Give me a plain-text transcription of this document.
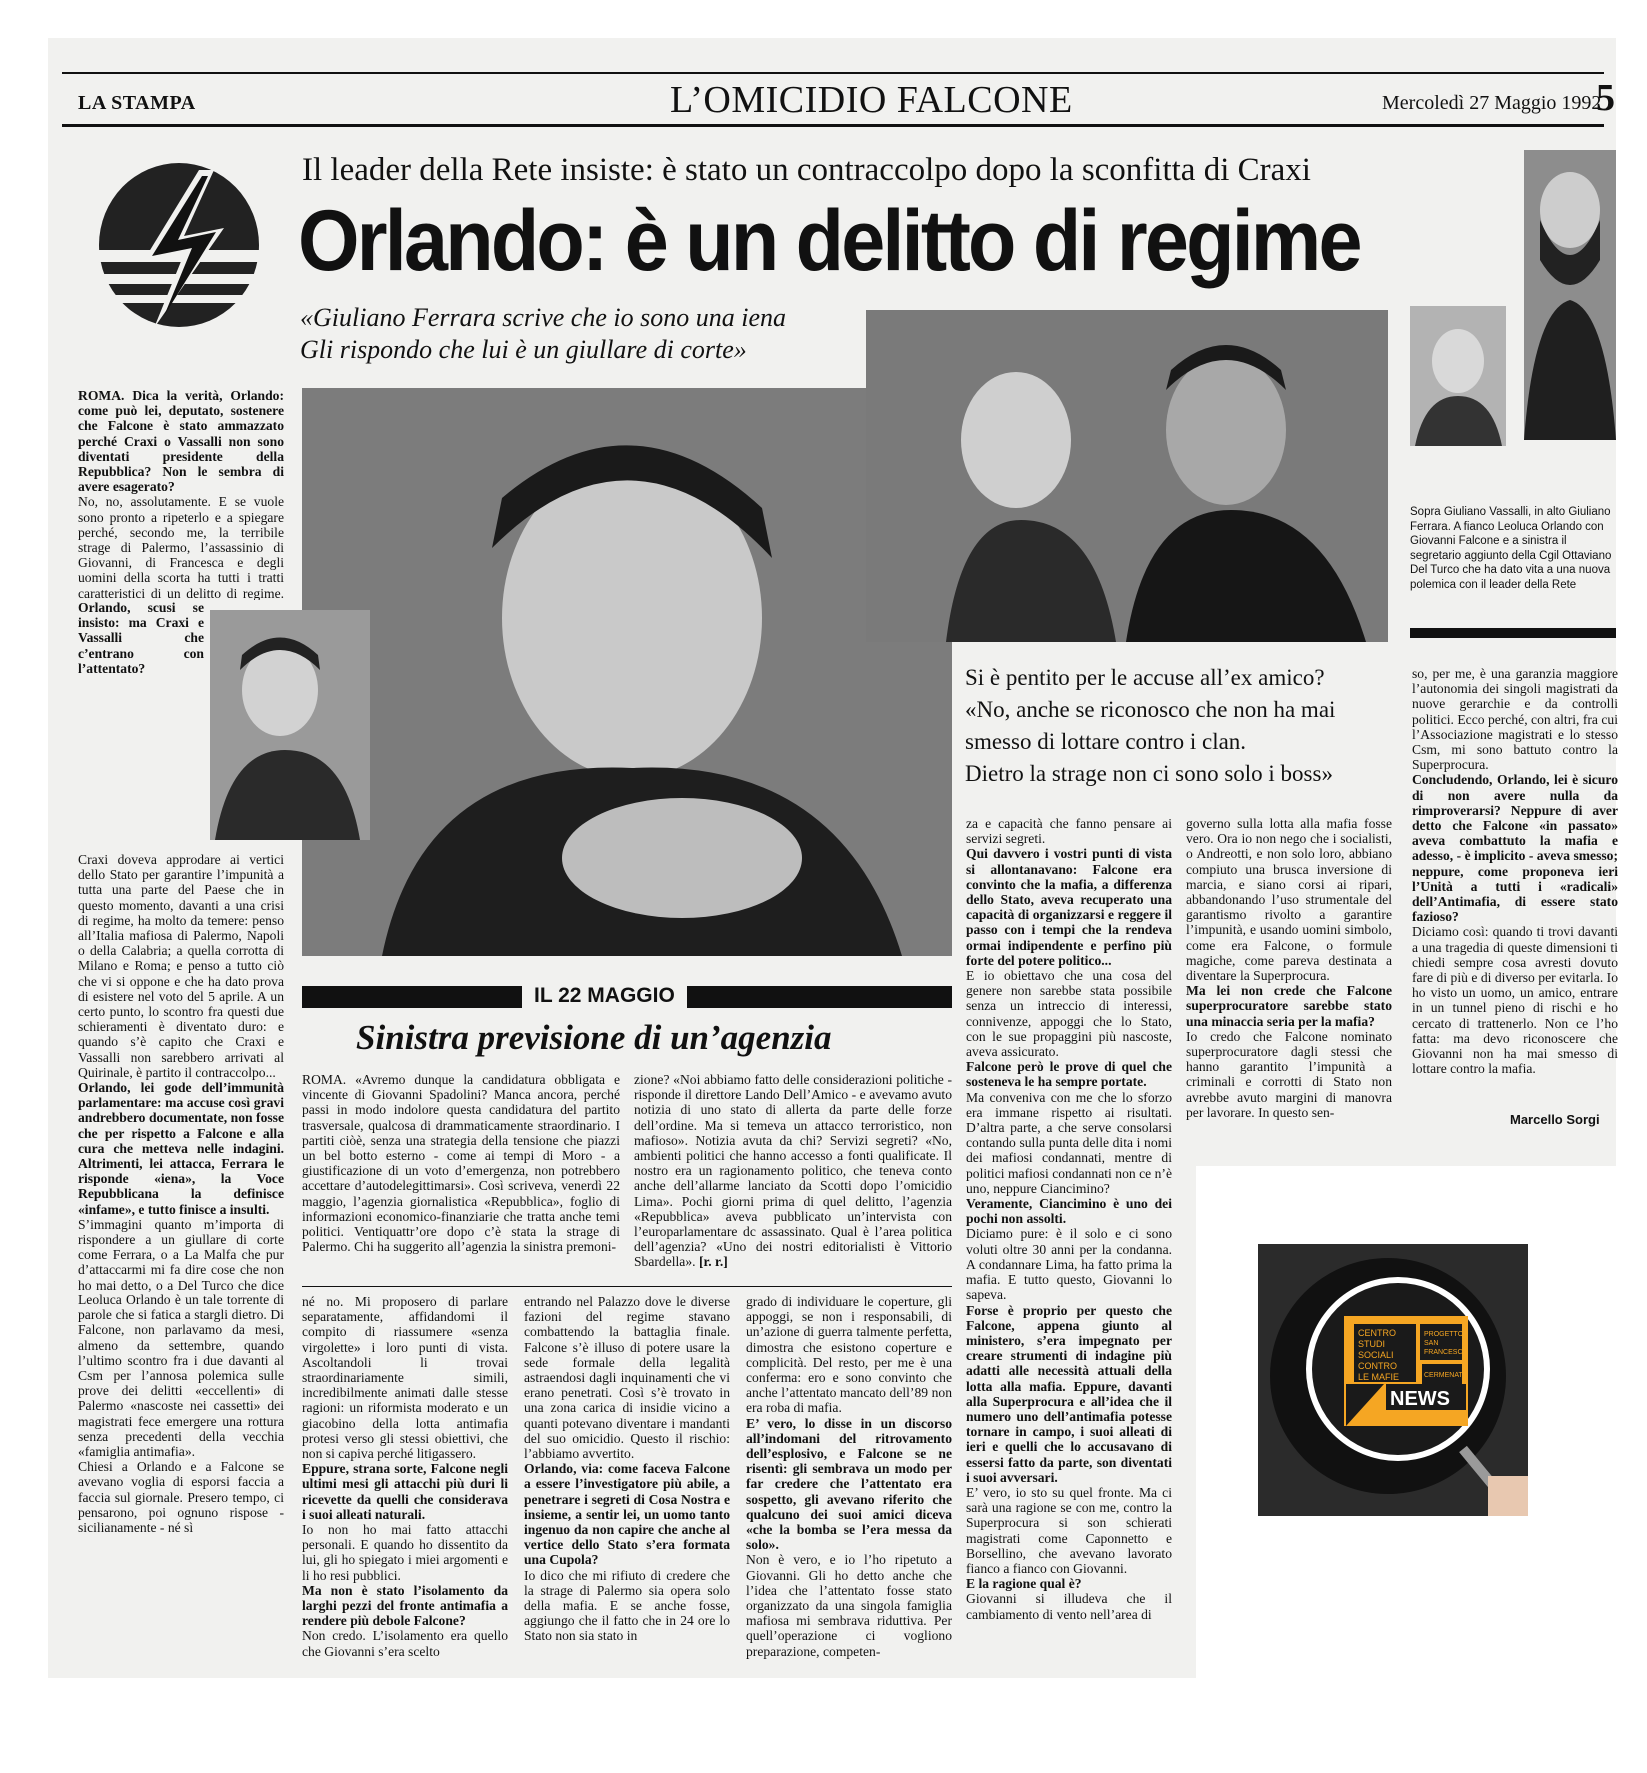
LA STAMPA	L’OMICIDIO FALCONE	Mercoledì 27 Maggio 1992
5
Il leader della Rete insiste: è stato un contraccolpo dopo la sconfitta di Craxi
Orlando: è un delitto di regime
«Giuliano Ferrara scrive che io sono una iena
Gli rispondo che lui è un giullare di corte»
Sopra Giuliano Vassalli, in alto Giuliano Ferrara. A fianco Leoluca Orlando con Giovanni Falcone e a sinistra il segretario aggiunto della Cgil Ottaviano Del Turco che ha dato vita a una nuova polemica con il leader della Rete
Si è pentito per le accuse all’ex amico?
«No, anche se riconosco che non ha mai smesso di lottare contro i clan.
Dietro la strage non ci sono solo i boss»

ROMA. Dica la verità, Orlando: come può lei, deputato, sostenere che Falcone è stato ammazzato perché Craxi o Vassalli non sono diventati presidente della Repubblica? Non le sembra di avere esagerato?

No, no, assolutamente. E se vuole sono pronto a ripeterlo e a spiegare perché, secondo me, la terribile strage di Palermo, l’assassinio di Giovanni, di Francesca e degli uomini della scorta ha tutti i tratti caratteristici di un delitto di regime.

Orlando, scusi se insisto: ma Craxi e Vassalli che c’entrano con l’attentato?

Craxi doveva approdare ai vertici dello Stato per garantire l’impunità a tutta una parte del Paese che in questo momento, davanti a una crisi di regime, ha molto da temere: penso all’Italia mafiosa di Palermo, Napoli o della Calabria; a quella corrotta di Milano e Roma; e penso a tutto ciò che vi si oppone e che ha dato prova di esistere nel voto del 5 aprile. A un certo punto, lo scontro fra questi due schieramenti è diventato duro: e quando s’è capito che Craxi e Vassalli non sarebbero arrivati al Quirinale, è partito il contraccolpo...

Orlando, lei gode dell’immunità parlamentare: ma accuse così gravi andrebbero documentate, non fosse che per rispetto a Falcone e alla cura che metteva nelle indagini. Altrimenti, lei attacca, Ferrara le risponde «iena», la Voce Repubblicana la definisce «infame», e tutto finisce a insulti.

S’immagini quanto m’importa di rispondere a un giullare di corte come Ferrara, o a La Malfa che pur d’attaccarmi mi fa dire cose che non ho mai detto, o a Del Turco che dice

Leoluca Orlando è un tale torrente di parole che si fatica a stargli dietro. Di Falcone, non parlavamo da mesi, almeno da settembre, quando l’ultimo scontro fra i due davanti al Csm per l’annosa polemica sulle prove dei delitti «eccellenti» di Palermo «nascoste nei cassetti» dei magistrati fece emergere una rottura senza precedenti della vecchia «famiglia antimafia».

Chiesi a Orlando e a Falcone se avevano voglia di esporsi faccia a faccia sul giornale. Presero tempo, ci pensarono, poi ognuno rispose - sicilianamente - né sì

IL 22 MAGGIO
Sinistra previsione di un’agenzia
ROMA. «Avremo dunque la candidatura obbligata e vincente di Giovanni Spadolini? Manca ancora, perché passi in modo indolore questa candidatura del partito trasversale, qualcosa di drammaticamente straordinario. I partiti ciòè, senza una strategia della tensione che piazzi un bel botto esterno - come ai tempi di Moro - a giustificazione di un voto d’emergenza, non potrebbero accettare d’autodelegittimarsi». Così scriveva, venerdì 22 maggio, l’agenzia giornalistica «Repubblica», foglio di informazioni economico-finanziarie che tratta anche temi politici. Ventiquattr’ore dopo c’è stata la strage di Palermo. Chi ha suggerito all’agenzia la sinistra premoni-
zione? «Noi abbiamo fatto delle considerazioni politiche - risponde il direttore Lando Dell’Amico - e avevamo avuto notizia di uno stato di allerta da parte delle forze dell’ordine. Ma si temeva un attacco terroristico, non mafioso». Notizia avuta da chi? Servizi segreti? «No, ambienti politici che hanno accesso a fonti qualificate. Il nostro era un ragionamento politico, che teneva conto anche dell’allarme lanciato da Scotti dopo l’omicidio Lima». Pochi giorni prima di quel delitto, l’agenzia «Repubblica» aveva pubblicato un’intervista con l’europarlamentare dc assassinato. Qual è l’area politica dell’agenzia? «Uno dei nostri editorialisti è Vittorio Sbardella». [r. r.]

né no. Mi proposero di parlare separatamente, affidandomi il compito di riassumere «senza virgolette» i loro punti di vista. Ascoltandoli li trovai straordinariamente simili, incredibilmente animati dalle stesse ragioni: un riformista moderato e un giacobino della lotta antimafia protesi verso gli stessi obiettivi, che non si capiva perché litigassero.

Eppure, strana sorte, Falcone negli ultimi mesi gli attacchi più duri li ricevette da quelli che considerava i suoi alleati naturali.

Io non ho mai fatto attacchi personali. E quando ho dissentito da lui, gli ho spiegato i miei argomenti e li ho resi pubblici.

Ma non è stato l’isolamento da larghi pezzi del fronte antimafia a rendere più debole Falcone?

Non credo. L’isolamento era quello che Giovanni s’era scelto

entrando nel Palazzo dove le diverse fazioni del regime stavano combattendo la battaglia finale. Falcone s’è illuso di potere usare la sede formale della legalità astraendosi dagli inquinamenti che vi erano penetrati. Così s’è trovato in una zona carica di insidie vicino a quanti potevano diventare i mandanti del suo omicidio. Questo il rischio: l’abbiamo avvertito.

Orlando, via: come faceva Falcone a essere l’investigatore più abile, a penetrare i segreti di Cosa Nostra e insieme, a sentir lei, un uomo tanto ingenuo da non capire che anche al vertice dello Stato s’era formata una Cupola?

Io dico che mi rifiuto di credere che la strage di Palermo sia opera solo della mafia. E se anche fosse, aggiungo che il fatto che in 24 ore lo Stato non sia stato in

grado di individuare le coperture, gli appoggi, se non i responsabili, di un’azione di guerra talmente perfetta, dimostra che esistono coperture e complicità. Del resto, per me è una conferma: ero e sono convinto che anche l’attentato mancato dell’89 non era roba di mafia.

E’ vero, lo disse in un discorso all’indomani del ritrovamento dell’esplosivo, e Falcone se ne risentì: gli sembrava un modo per far credere che l’attentato era sospetto, gli avevano riferito che qualcuno dei suoi amici diceva «che la bomba se l’era messa da solo».

Non è vero, e io l’ho ripetuto a Giovanni. Gli ho detto anche che l’idea che l’attentato fosse stato organizzato da una singola famiglia mafiosa mi sembrava riduttiva. Per quell’operazione ci vogliono preparazione, competen-

za e capacità che fanno pensare ai servizi segreti.

Qui davvero i vostri punti di vista si allontanavano: Falcone era convinto che la mafia, a differenza dello Stato, aveva recuperato una capacità di organizzarsi e reggere il passo con i tempi che la rendeva ormai indipendente e perfino più forte del potere politico...

E io obiettavo che una cosa del genere non sarebbe stata possibile senza un intreccio di interessi, connivenze, appoggi che lo Stato, con le sue propaggini più nascoste, aveva assicurato.

Falcone però le prove di quel che sosteneva le ha sempre portate.

Ma conveniva con me che lo sforzo era immane rispetto ai risultati. D’altra parte, a che serve consolarsi contando sulla punta delle dita i nomi dei mafiosi condannati, mentre di politici mafiosi condannati non ce n’è uno, neppure Ciancimino?

Veramente, Ciancimino è uno dei pochi non assolti.

Diciamo pure: è il solo e ci sono voluti oltre 30 anni per la condanna. A condannare Lima, ha fatto prima la mafia. E tutto questo, Giovanni lo sapeva.

Forse è proprio per questo che Falcone, appena giunto al ministero, s’era impegnato per creare strumenti di indagine più adatti alle necessità attuali della lotta alla mafia. Eppure, davanti alla Superprocura e all’idea che il numero uno dell’antimafia potesse tornare in campo, i suoi alleati di ieri e quelli che lo accusavano di essersi fatto da parte, son diventati i suoi avversari.

E’ vero, io sto su quel fronte. Ma ci sarà una ragione se con me, contro la Superprocura si son schierati magistrati come Caponnetto e Borsellino, che avevano lavorato fianco a fianco con Giovanni.

E la ragione qual è?

Giovanni si illudeva che il cambiamento di vento nell’area di

governo sulla lotta alla mafia fosse vero. Ora io non nego che i socialisti, o Andreotti, e non solo loro, abbiano compiuto una brusca inversione di marcia, e siano corsi ai ripari, abbandonando l’uso strumentale del garantismo rivolto a garantire l’impunità, e usando uomini simbolo, come era Falcone, o formule magiche, come pareva destinata a diventare la Superprocura.

Ma lei non crede che Falcone superprocuratore sarebbe stato una minaccia seria per la mafia?

Io credo che Falcone nominato superprocuratore dagli stessi che hanno garantito l’impunità a criminali e corrotti di Stato non avrebbe avuto margini di manovra per lavorare. In questo sen-

so, per me, è una garanzia maggiore l’autonomia dei singoli magistrati da nuove gerarchie e da controlli politici. Ecco perché, con altri, fra cui l’Associazione magistrati e lo stesso Csm, mi sono battuto contro la Superprocura.

Concludendo, Orlando, lei è sicuro di non avere nulla da rimproverarsi? Neppure di aver detto che Falcone «in passato» aveva combattuto la mafia e adesso, - è implicito - aveva smesso; neppure, come proponeva ieri l’Unità a tutti i «radicali» dell’Antimafia, di essere stato fazioso?

Diciamo così: quando ti trovi davanti a una tragedia di queste dimensioni ti chiedi sempre cosa avresti dovuto fare di più e di diverso per evitarla. Io ho visto un uomo, un amico, entrare in un tunnel pieno di rischi e ho cercato di trattenerlo. Non ce l’ho fatta: ma devo riconoscere che Giovanni non ha mai smesso di lottare contro la mafia.

Marcello Sorgi
CENTRO
STUDI
SOCIALI
CONTRO
LE MAFIE
PROGETTO
SAN
FRANCESCO
CERMENATE
NEWS
